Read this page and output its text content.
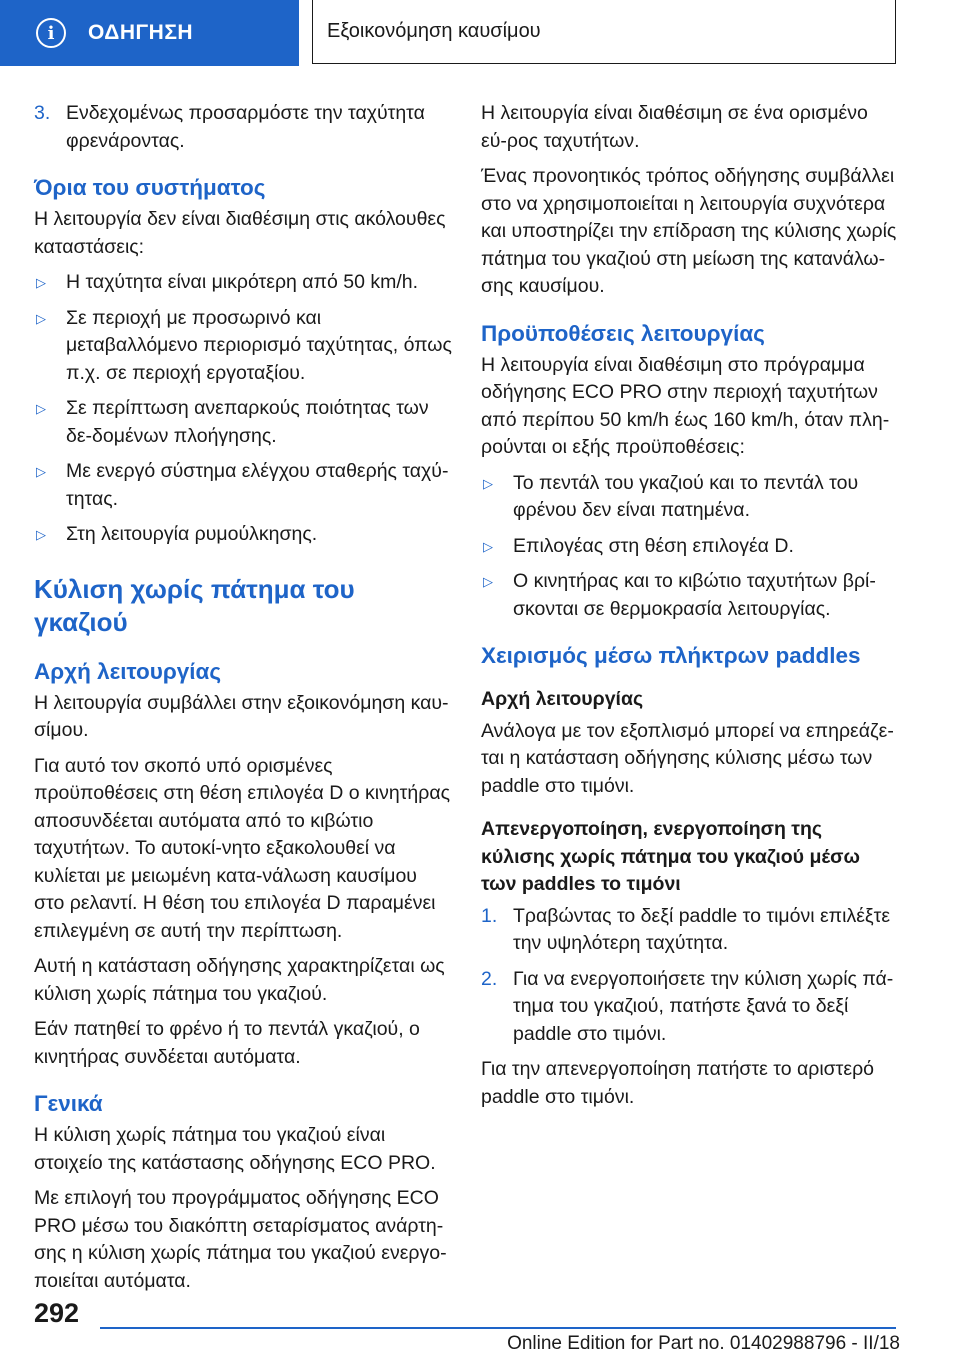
i	ΟΔΗΓΗΣΗ	Εξοικονόμηση καυσίμου
3. Ενδεχομένως προσαρμόστε την ταχύτητα φρενάροντας.
Όρια του συστήματος

Η λειτουργία δεν είναι διαθέσιμη στις ακόλουθες καταστάσεις:

▷	Η ταχύτητα είναι μικρότερη από 50 km/h.
▷	Σε περιοχή με προσωρινό και μεταβαλλόμενο περιορισμό ταχύτητας, όπως π.χ. σε περιοχή εργοταξίου.
▷	Σε περίπτωση ανεπαρκούς ποιότητας των δε‐δομένων πλοήγησης.
▷	Με ενεργό σύστημα ελέγχου σταθερής ταχύ‐τητας.
▷	Στη λειτουργία ρυμούλκησης.
Κύλιση χωρίς πάτημα του γκαζιού
Αρχή λειτουργίας

Η λειτουργία συμβάλλει στην εξοικονόμηση καυ‐σίμου.

Για αυτό τον σκοπό υπό ορισμένες προϋποθέσεις στη θέση επιλογέα D ο κινητήρας αποσυνδέεται αυτόματα από το κιβώτιο ταχυτήτων. Το αυτοκί‐νητο εξακολουθεί να κυλίεται με μειωμένη κατα‐νάλωση καυσίμου στο ρελαντί. Η θέση του επιλογέα D παραμένει επιλεγμένη σε αυτή την περίπτωση.

Αυτή η κατάσταση οδήγησης χαρακτηρίζεται ως κύλιση χωρίς πάτημα του γκαζιού.

Εάν πατηθεί το φρένο ή το πεντάλ γκαζιού, ο κινητήρας συνδέεται αυτόματα.

Γενικά

Η κύλιση χωρίς πάτημα του γκαζιού είναι στοιχείο της κατάστασης οδήγησης ECO PRO.

Με επιλογή του προγράμματος οδήγησης ECO PRO μέσω του διακόπτη σεταρίσματος ανάρτη‐σης η κύλιση χωρίς πάτημα του γκαζιού ενεργο‐ποιείται αυτόματα.

Η λειτουργία είναι διαθέσιμη σε ένα ορισμένο εύ‐ρος ταχυτήτων.

Ένας προνοητικός τρόπος οδήγησης συμβάλλει στο να χρησιμοποιείται η λειτουργία συχνότερα και υποστηρίζει την επίδραση της κύλισης χωρίς πάτημα του γκαζιού στη μείωση της κατανάλω‐σης καυσίμου.

Προϋποθέσεις λειτουργίας

Η λειτουργία είναι διαθέσιμη στο πρόγραμμα οδήγησης ECO PRO στην περιοχή ταχυτήτων από περίπου 50 km/h έως 160 km/h, όταν πλη‐ρούνται οι εξής προϋποθέσεις:

▷	Το πεντάλ του γκαζιού και το πεντάλ του φρένου δεν είναι πατημένα.
▷	Επιλογέας στη θέση επιλογέα D.
▷	Ο κινητήρας και το κιβώτιο ταχυτήτων βρί‐σκονται σε θερμοκρασία λειτουργίας.
Χειρισμός μέσω πλήκτρων paddles
Αρχή λειτουργίας

Ανάλογα με τον εξοπλισμό μπορεί να επηρεάζε‐ται η κατάσταση οδήγησης κύλισης μέσω των paddle στο τιμόνι.

Απενεργοποίηση, ενεργοποίηση της κύλισης χωρίς πάτημα του γκαζιού μέσω των paddles το τιμόνι
1. Τραβώντας το δεξί paddle το τιμόνι επιλέξτε την υψηλότερη ταχύτητα.
2. Για να ενεργοποιήσετε την κύλιση χωρίς πά‐τημα του γκαζιού, πατήστε ξανά το δεξί paddle στο τιμόνι.

Για την απενεργοποίηση πατήστε το αριστερό paddle στο τιμόνι.

292
Online Edition for Part no. 01402988796 - II/18
